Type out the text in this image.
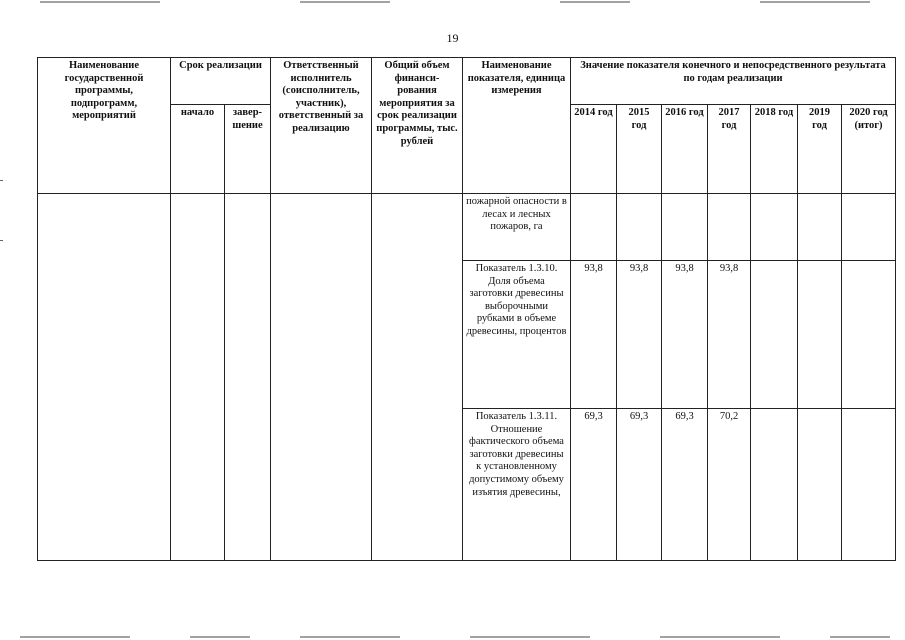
19
Наименование государственной программы, подпрограмм, мероприятий	Срок реализации		Ответственный исполнитель (соисполнитель, участник), ответственный за реализацию	Общий объем финанси-рования мероприятия за срок реализации программы, тыс. рублей	Наименование показателя, единица измерения	Значение показателя конечного и непосредственного результата по годам реализации						
	начало	завер-шение				2014 год	2015 год	2016 год	2017 год	2018 год	2019 год	2020 год (итог)
					пожарной опасности в лесах и лесных пожаров, га							
					Показатель 1.3.10. Доля объема заготовки древесины выборочными рубками в объеме древесины, процентов	93,8	93,8	93,8	93,8			
					Показатель 1.3.11. Отношение фактического объема заготовки древесины к установленному допустимому объему изъятия древесины,	69,3	69,3	69,3	70,2			
